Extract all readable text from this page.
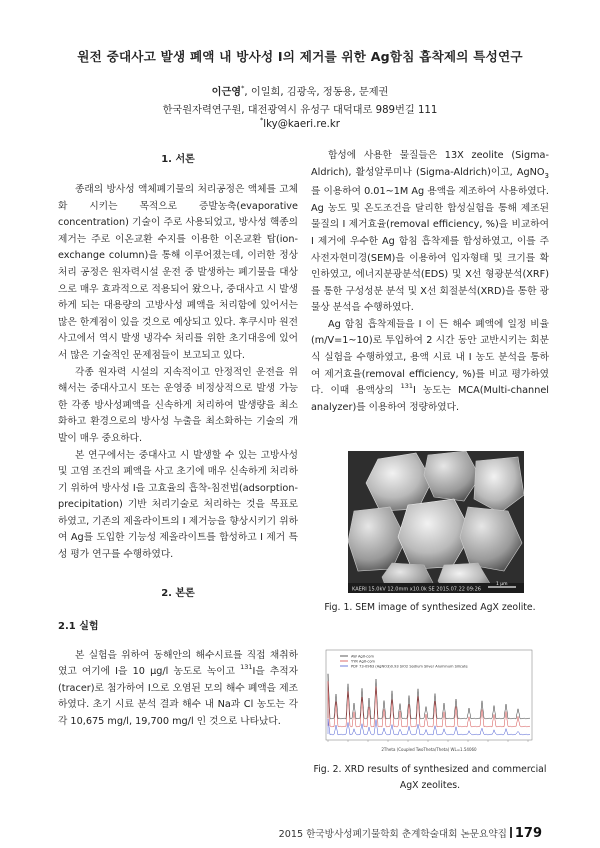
원전 중대사고 발생 폐액 내 방사성 I의 제거를 위한 Ag함침 흡착제의 특성연구
이근영*, 이일희, 김광욱, 정동용, 문제권
한국원자력연구원, 대전광역시 유성구 대덕대로 989번길 111
*lky@kaeri.re.kr
1. 서론

종래의 방사성 액체폐기물의 처리공정은 액체를 고체화 시키는 목적으로 증발농축(evaporative concentration) 기술이 주로 사용되었고, 방사성 핵종의 제거는 주로 이온교환 수지를 이용한 이온교환 탑(ion-exchange column)을 통해 이루어졌는데, 이러한 정상처리 공정은 원자력시설 운전 중 발생하는 폐기물을 대상으로 매우 효과적으로 적용되어 왔으나, 중대사고 시 발생하게 되는 대용량의 고방사성 폐액을 처리함에 있어서는 많은 한계점이 있을 것으로 예상되고 있다. 후쿠시마 원전사고에서 역시 발생 냉각수 처리를 위한 초기대응에 있어서 많은 기술적인 문제점들이 보고되고 있다.

각종 원자력 시설의 지속적이고 안정적인 운전을 위해서는 중대사고시 또는 운영중 비정상적으로 발생 가능한 각종 방사성폐액을 신속하게 처리하여 발생량을 최소화하고 환경으로의 방사성 누출을 최소화하는 기술의 개발이 매우 중요하다.

본 연구에서는 중대사고 시 발생할 수 있는 고방사성 및 고염 조건의 폐액을 사고 초기에 매우 신속하게 처리하기 위하여 방사성 I을 고효율의 흡착-침전법(adsorption-precipitation) 기반 처리기술로 처리하는 것을 목표로 하였고, 기존의 제올라이트의 I 제거능을 향상시키기 위하여 Ag를 도입한 기능성 제올라이트를 합성하고 I 제거 특성 평가 연구를 수행하였다.

2. 본론
2.1 실험

본 실험을 위하여 동해안의 해수시료를 직접 채취하였고 여기에 I을 10 μg/l 농도로 녹이고 $^{131}$I을 추적자(tracer)로 첨가하여 I으로 오염된 모의 해수 폐액을 제조하였다. 초기 시료 분석 결과 해수 내 Na과 Cl 농도는 각각 10,675 mg/l, 19,700 mg/l 인 것으로 나타났다.

합성에 사용한 물질들은 13X zeolite (Sigma-Aldrich), 활성알루미나 (Sigma-Aldrich)이고, AgNO$_3$를 이용하여 0.01~1M Ag 용액을 제조하여 사용하였다. Ag 농도 및 온도조건을 달리한 합성실험을 통해 제조된 물질의 I 제거효율(removal efficiency, %)을 비교하여 I 제거에 우수한 Ag 함침 흡착제를 합성하였고, 이를 주사전자현미경(SEM)을 이용하여 입자형태 및 크기를 확인하였고, 에너지분광분석(EDS) 및 X선 형광분석(XRF)를 통한 구성성분 분석 및 X선 회절분석(XRD)을 통한 광물상 분석을 수행하였다.

Ag 함침 흡착제들을 I 이 든 해수 폐액에 일정 비율(m/V=1~10)로 투입하여 2 시간 동안 교반시키는 회분식 실험을 수행하였고, 용액 시료 내 I 농도 분석을 통하여 제거효율(removal efficiency, %)를 비교 평가하였다. 이때 용액상의 $^{131}$I 농도는 MCA(Multi-channel analyzer)를 이용하여 정량하였다.

KAERI 15.0kV 12.0mm x10.0k SE 2015.07.22 09:26
1 μm
Fig. 1. SEM image of synthesized AgX zeolite.
AW AgX-com
YYR AgX-com
PDF 73-0963 (AgNO3)0.93 SiO2 Sodium Silver Aluminum Silicate
2Theta (Coupled TwoTheta/Theta) WL=1.54060
Fig. 2. XRD results of synthesized and commercial AgX zeolites.
2015 한국방사성폐기물학회 춘계학술대회 논문요약집 179
